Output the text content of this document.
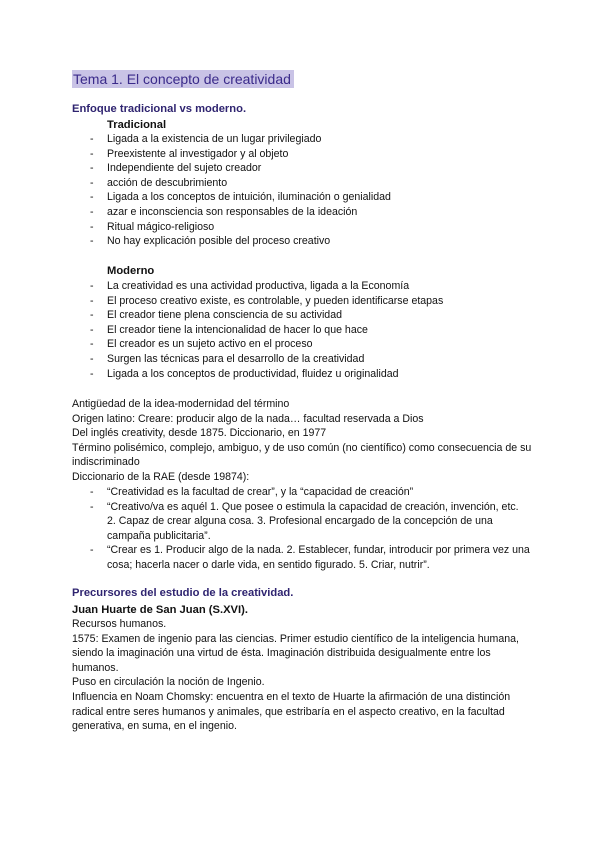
Tema 1. El concepto de creatividad
Enfoque tradicional vs moderno.
Tradicional
- Ligada a la existencia de un lugar privilegiado
- Preexistente al investigador y al objeto
- Independiente del sujeto creador
- acción de descubrimiento
- Ligada a los conceptos de intuición, iluminación o genialidad
- azar e inconsciencia son responsables de la ideación
- Ritual mágico-religioso
- No hay explicación posible del proceso creativo
Moderno
- La creatividad es una actividad productiva, ligada a la Economía
- El proceso creativo existe, es controlable, y pueden identificarse etapas
- El creador tiene plena consciencia de su actividad
- El creador tiene la intencionalidad de hacer lo que hace
- El creador es un sujeto activo en el proceso
- Surgen las técnicas para el desarrollo de la creatividad
- Ligada a los conceptos de productividad, fluidez u originalidad

Antigüedad de la idea-modernidad del término

Origen latino: Creare: producir algo de la nada… facultad reservada a Dios

Del inglés creativity, desde 1875. Diccionario, en 1977

Término polisémico, complejo, ambiguo, y de uso común (no científico) como consecuencia de su indiscriminado

Diccionario de la RAE (desde 19874):

- “Creatividad es la facultad de crear”, y la “capacidad de creación”
- “Creativo/va es aquél 1. Que posee o estimula la capacidad de creación, invención, etc. 2. Capaz de crear alguna cosa. 3. Profesional encargado de la concepción de una campaña publicitaria”.
- “Crear es 1. Producir algo de la nada. 2. Establecer, fundar, introducir por primera vez una cosa; hacerla nacer o darle vida, en sentido figurado. 5. Criar, nutrir”.
Precursores del estudio de la creatividad.
Juan Huarte de San Juan (S.XVI).

Recursos humanos.

1575: Examen de ingenio para las ciencias. Primer estudio científico de la inteligencia humana, siendo la imaginación una virtud de ésta. Imaginación distribuida desigualmente entre los humanos.

Puso en circulación la noción de Ingenio.

Influencia en Noam Chomsky: encuentra en el texto de Huarte la afirmación de una distinción radical entre seres humanos y animales, que estribaría en el aspecto creativo, en la facultad generativa, en suma, en el ingenio.
